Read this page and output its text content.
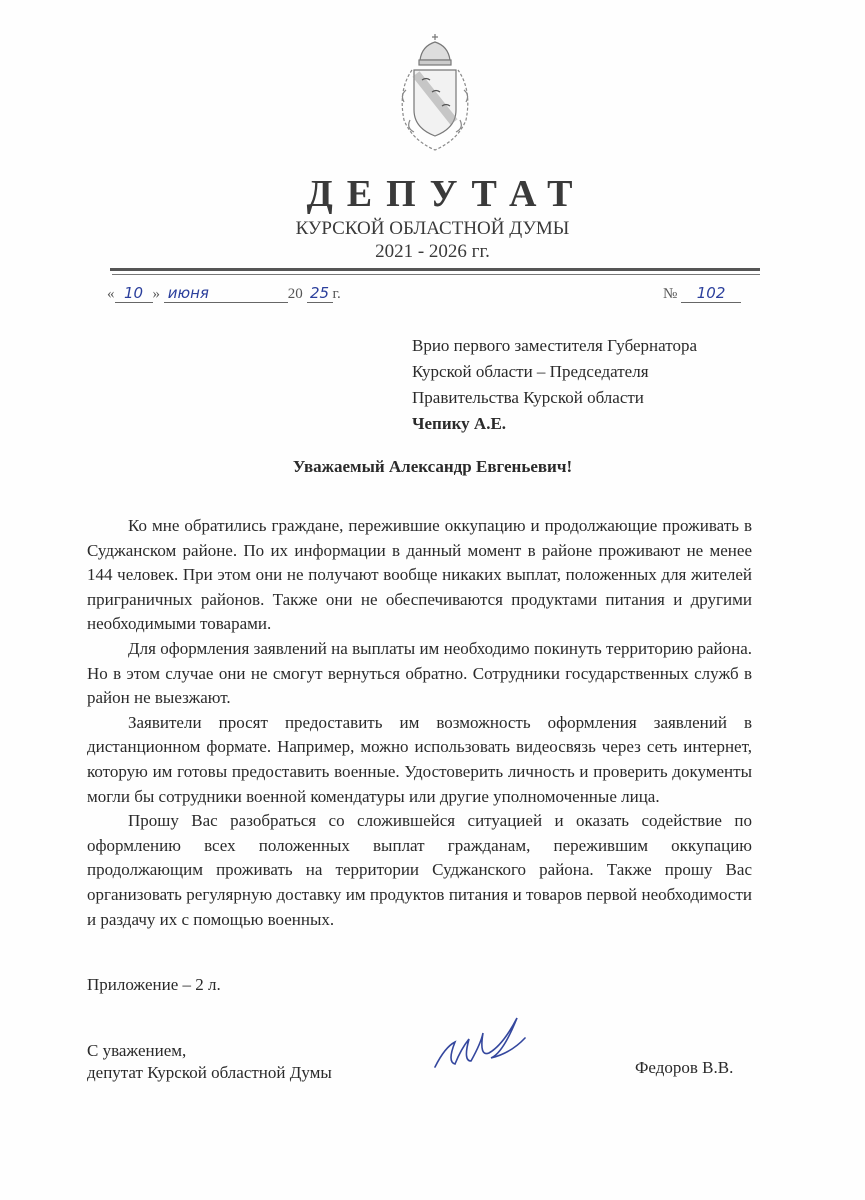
ДЕПУТАТ
КУРСКОЙ ОБЛАСТНОЙ ДУМЫ
2021 - 2026 гг.
« 10 » июня	20 25 г.	№ 102
Врио первого заместителя Губернатора
Курской области – Председателя
Правительства Курской области
Чепику А.Е.
Уважаемый Александр Евгеньевич!

Ко мне обратились граждане, пережившие оккупацию и продолжающие проживать в Суджанском районе. По их информации в данный момент в районе проживают не менее 144 человек. При этом они не получают вообще никаких выплат, положенных для жителей приграничных районов. Также они не обеспечиваются продуктами питания и другими необходимыми товарами.

Для оформления заявлений на выплаты им необходимо покинуть территорию района. Но в этом случае они не смогут вернуться обратно. Сотрудники государственных служб в район не выезжают.

Заявители просят предоставить им возможность оформления заявлений в дистанционном формате. Например, можно использовать видеосвязь через сеть интернет, которую им готовы предоставить военные. Удостоверить личность и проверить документы могли бы сотрудники военной комендатуры или другие уполномоченные лица.

Прошу Вас разобраться со сложившейся ситуацией и оказать содействие по оформлению всех положенных выплат гражданам, пережившим оккупацию продолжающим проживать на территории Суджанского района. Также прошу Вас организовать регулярную доставку им продуктов питания и товаров первой необходимости и раздачу их с помощью военных.

Приложение – 2 л.
С уважением,
депутат Курской областной Думы	Федоров В.В.
